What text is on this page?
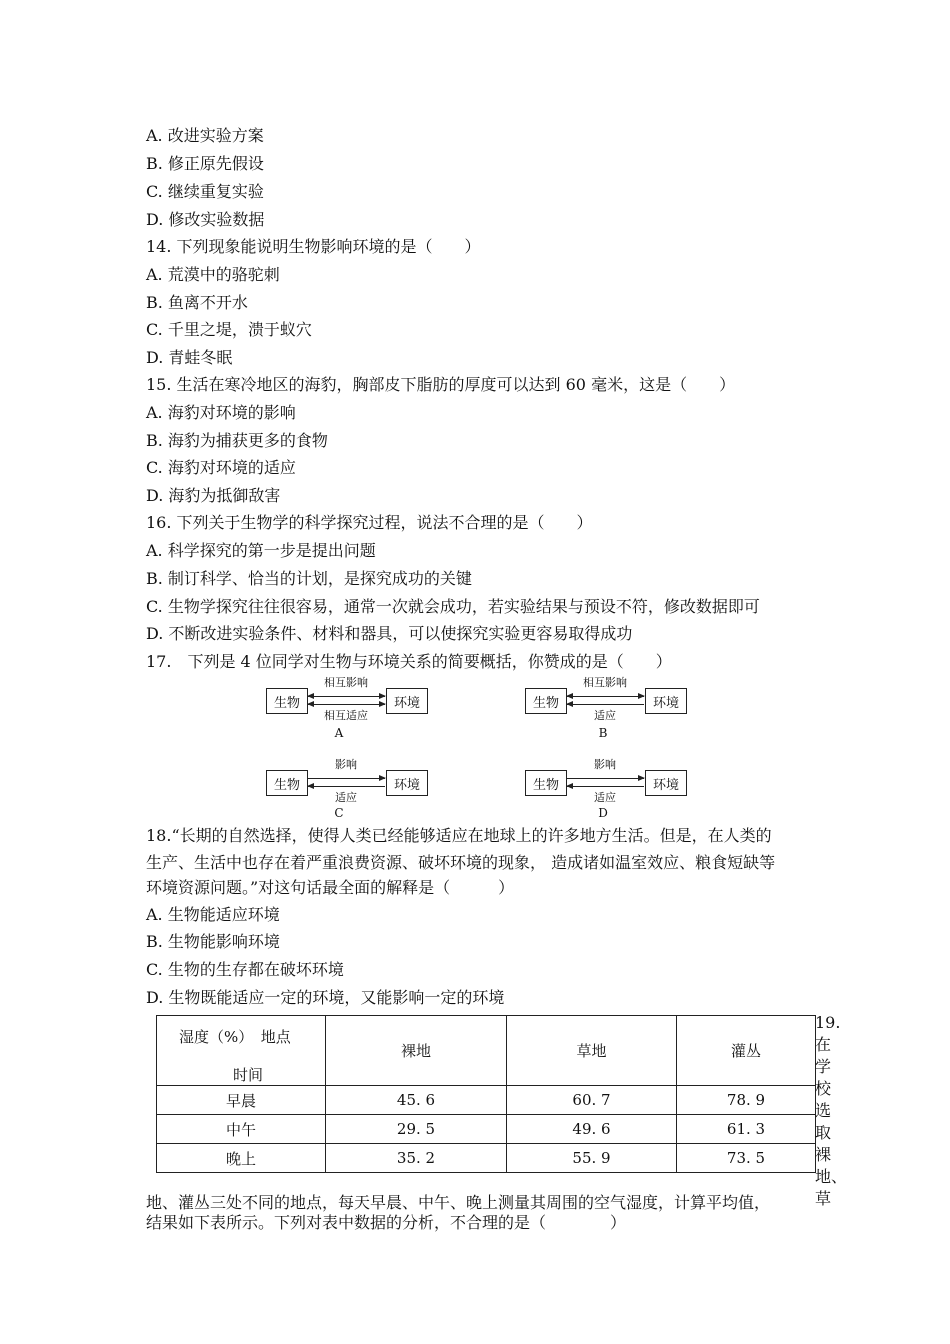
A. 改进实验方案
B. 修正原先假设
C. 继续重复实验
D. 修改实验数据
14. 下列现象能说明生物影响环境的是（　　）
A. 荒漠中的骆驼刺
B. 鱼离不开水
C. 千里之堤，溃于蚁穴
D. 青蛙冬眠
15. 生活在寒冷地区的海豹，胸部皮下脂肪的厚度可以达到 60 毫米，这是（　　）
A. 海豹对环境的影响
B. 海豹为捕获更多的食物
C. 海豹对环境的适应
D. 海豹为抵御敌害
16. 下列关于生物学的科学探究过程，说法不合理的是（　　）
A. 科学探究的第一步是提出问题
B. 制订科学、恰当的计划，是探究成功的关键
C. 生物学探究往往很容易，通常一次就会成功，若实验结果与预设不符，修改数据即可
D. 不断改进实验条件、材料和器具，可以使探究实验更容易取得成功
17.　下列是 4 位同学对生物与环境关系的简要概括，你赞成的是（　　）
生物	环境
相互影响
相互适应
A
生物	环境
相互影响
适应
B
生物	环境
影响
适应
C
生物	环境
影响
适应
D
18.“长期的自然选择，使得人类已经能够适应在地球上的许多地方生活。但是，在人类的
生产、生活中也存在着严重浪费资源、破坏环境的现象， 造成诸如温室效应、粮食短缺等
环境资源问题。”对这句话最全面的解释是（　　　）
A. 生物能适应环境
B. 生物能影响环境
C. 生物的生存都在破坏环境
D. 生物既能适应一定的环境，又能影响一定的环境
湿度（%）　地点
时间	裸地	草地	灌丛
早晨	45. 6	60. 7	78. 9
中午	29. 5	49. 6	61. 3
晚上	35. 2	55. 9	73. 5
19.
在
学
校
选
取
裸
地、
草
地、灌丛三处不同的地点，每天早晨、中午、晚上测量其周围的空气湿度，计算平均值，
结果如下表所示。下列对表中数据的分析，不合理的是（　　　　）
